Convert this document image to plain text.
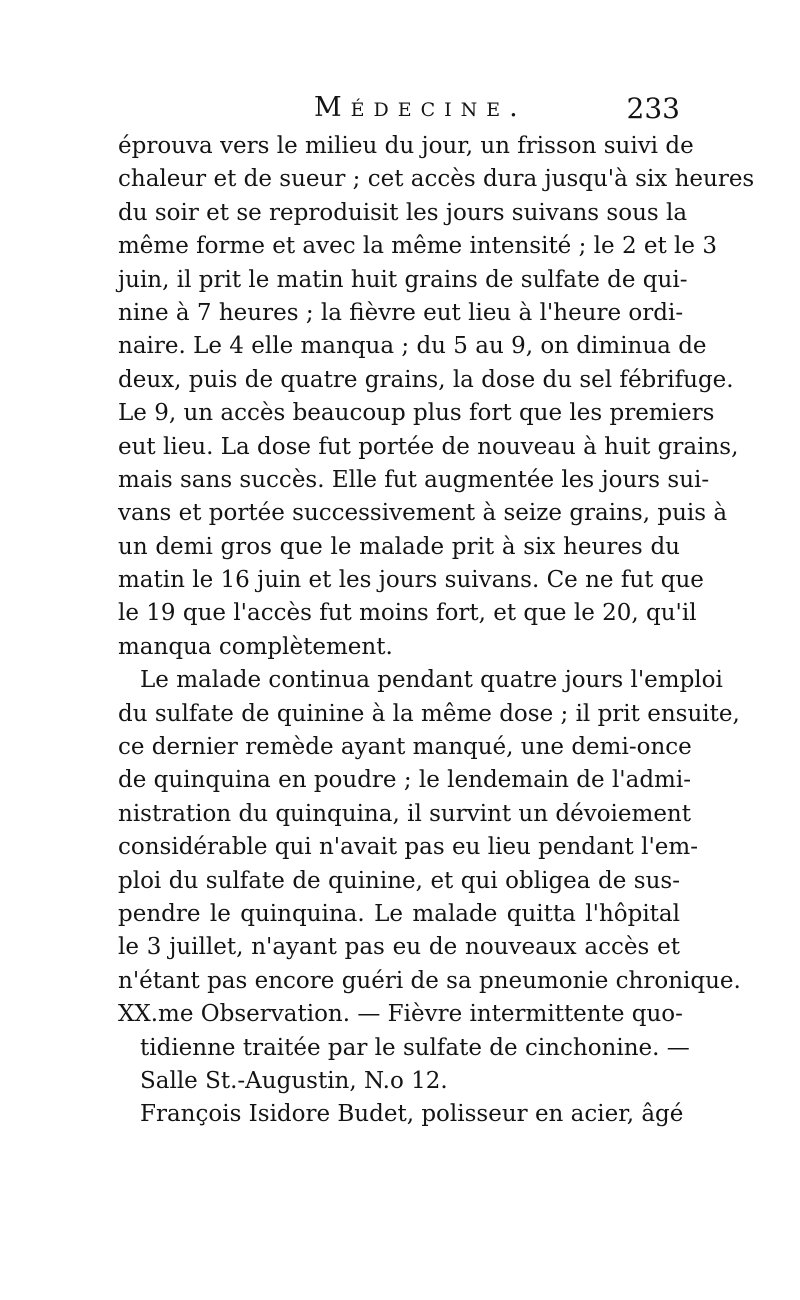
Médecine.	233
éprouva vers le milieu du jour, un frisson suivi de
chaleur et de sueur ; cet accès dura jusqu'à six heures
du soir et se reproduisit les jours suivans sous la
même forme et avec la même intensité ; le 2 et le 3
juin, il prit le matin huit grains de sulfate de qui-
nine à 7 heures ; la fièvre eut lieu à l'heure ordi-
naire. Le 4 elle manqua ; du 5 au 9, on diminua de
deux, puis de quatre grains, la dose du sel fébrifuge.
Le 9, un accès beaucoup plus fort que les premiers
eut lieu. La dose fut portée de nouveau à huit grains,
mais sans succès. Elle fut augmentée les jours sui-
vans et portée successivement à seize grains, puis à
un demi gros que le malade prit à six heures du
matin le 16 juin et les jours suivans. Ce ne fut que
le 19 que l'accès fut moins fort, et que le 20, qu'il
manqua complètement.
Le malade continua pendant quatre jours l'emploi
du sulfate de quinine à la même dose ; il prit ensuite,
ce dernier remède ayant manqué, une demi-once
de quinquina en poudre ; le lendemain de l'admi-
nistration du quinquina, il survint un dévoiement
considérable qui n'avait pas eu lieu pendant l'em-
ploi du sulfate de quinine, et qui obligea de sus-
pendre le quinquina. Le malade quitta l'hôpital
le 3 juillet, n'ayant pas eu de nouveaux accès et
n'étant pas encore guéri de sa pneumonie chronique.
XX.me Observation. — Fièvre intermittente quo-
tidienne traitée par le sulfate de cinchonine. —
Salle St.-Augustin, N.o 12.
François Isidore Budet, polisseur en acier, âgé
